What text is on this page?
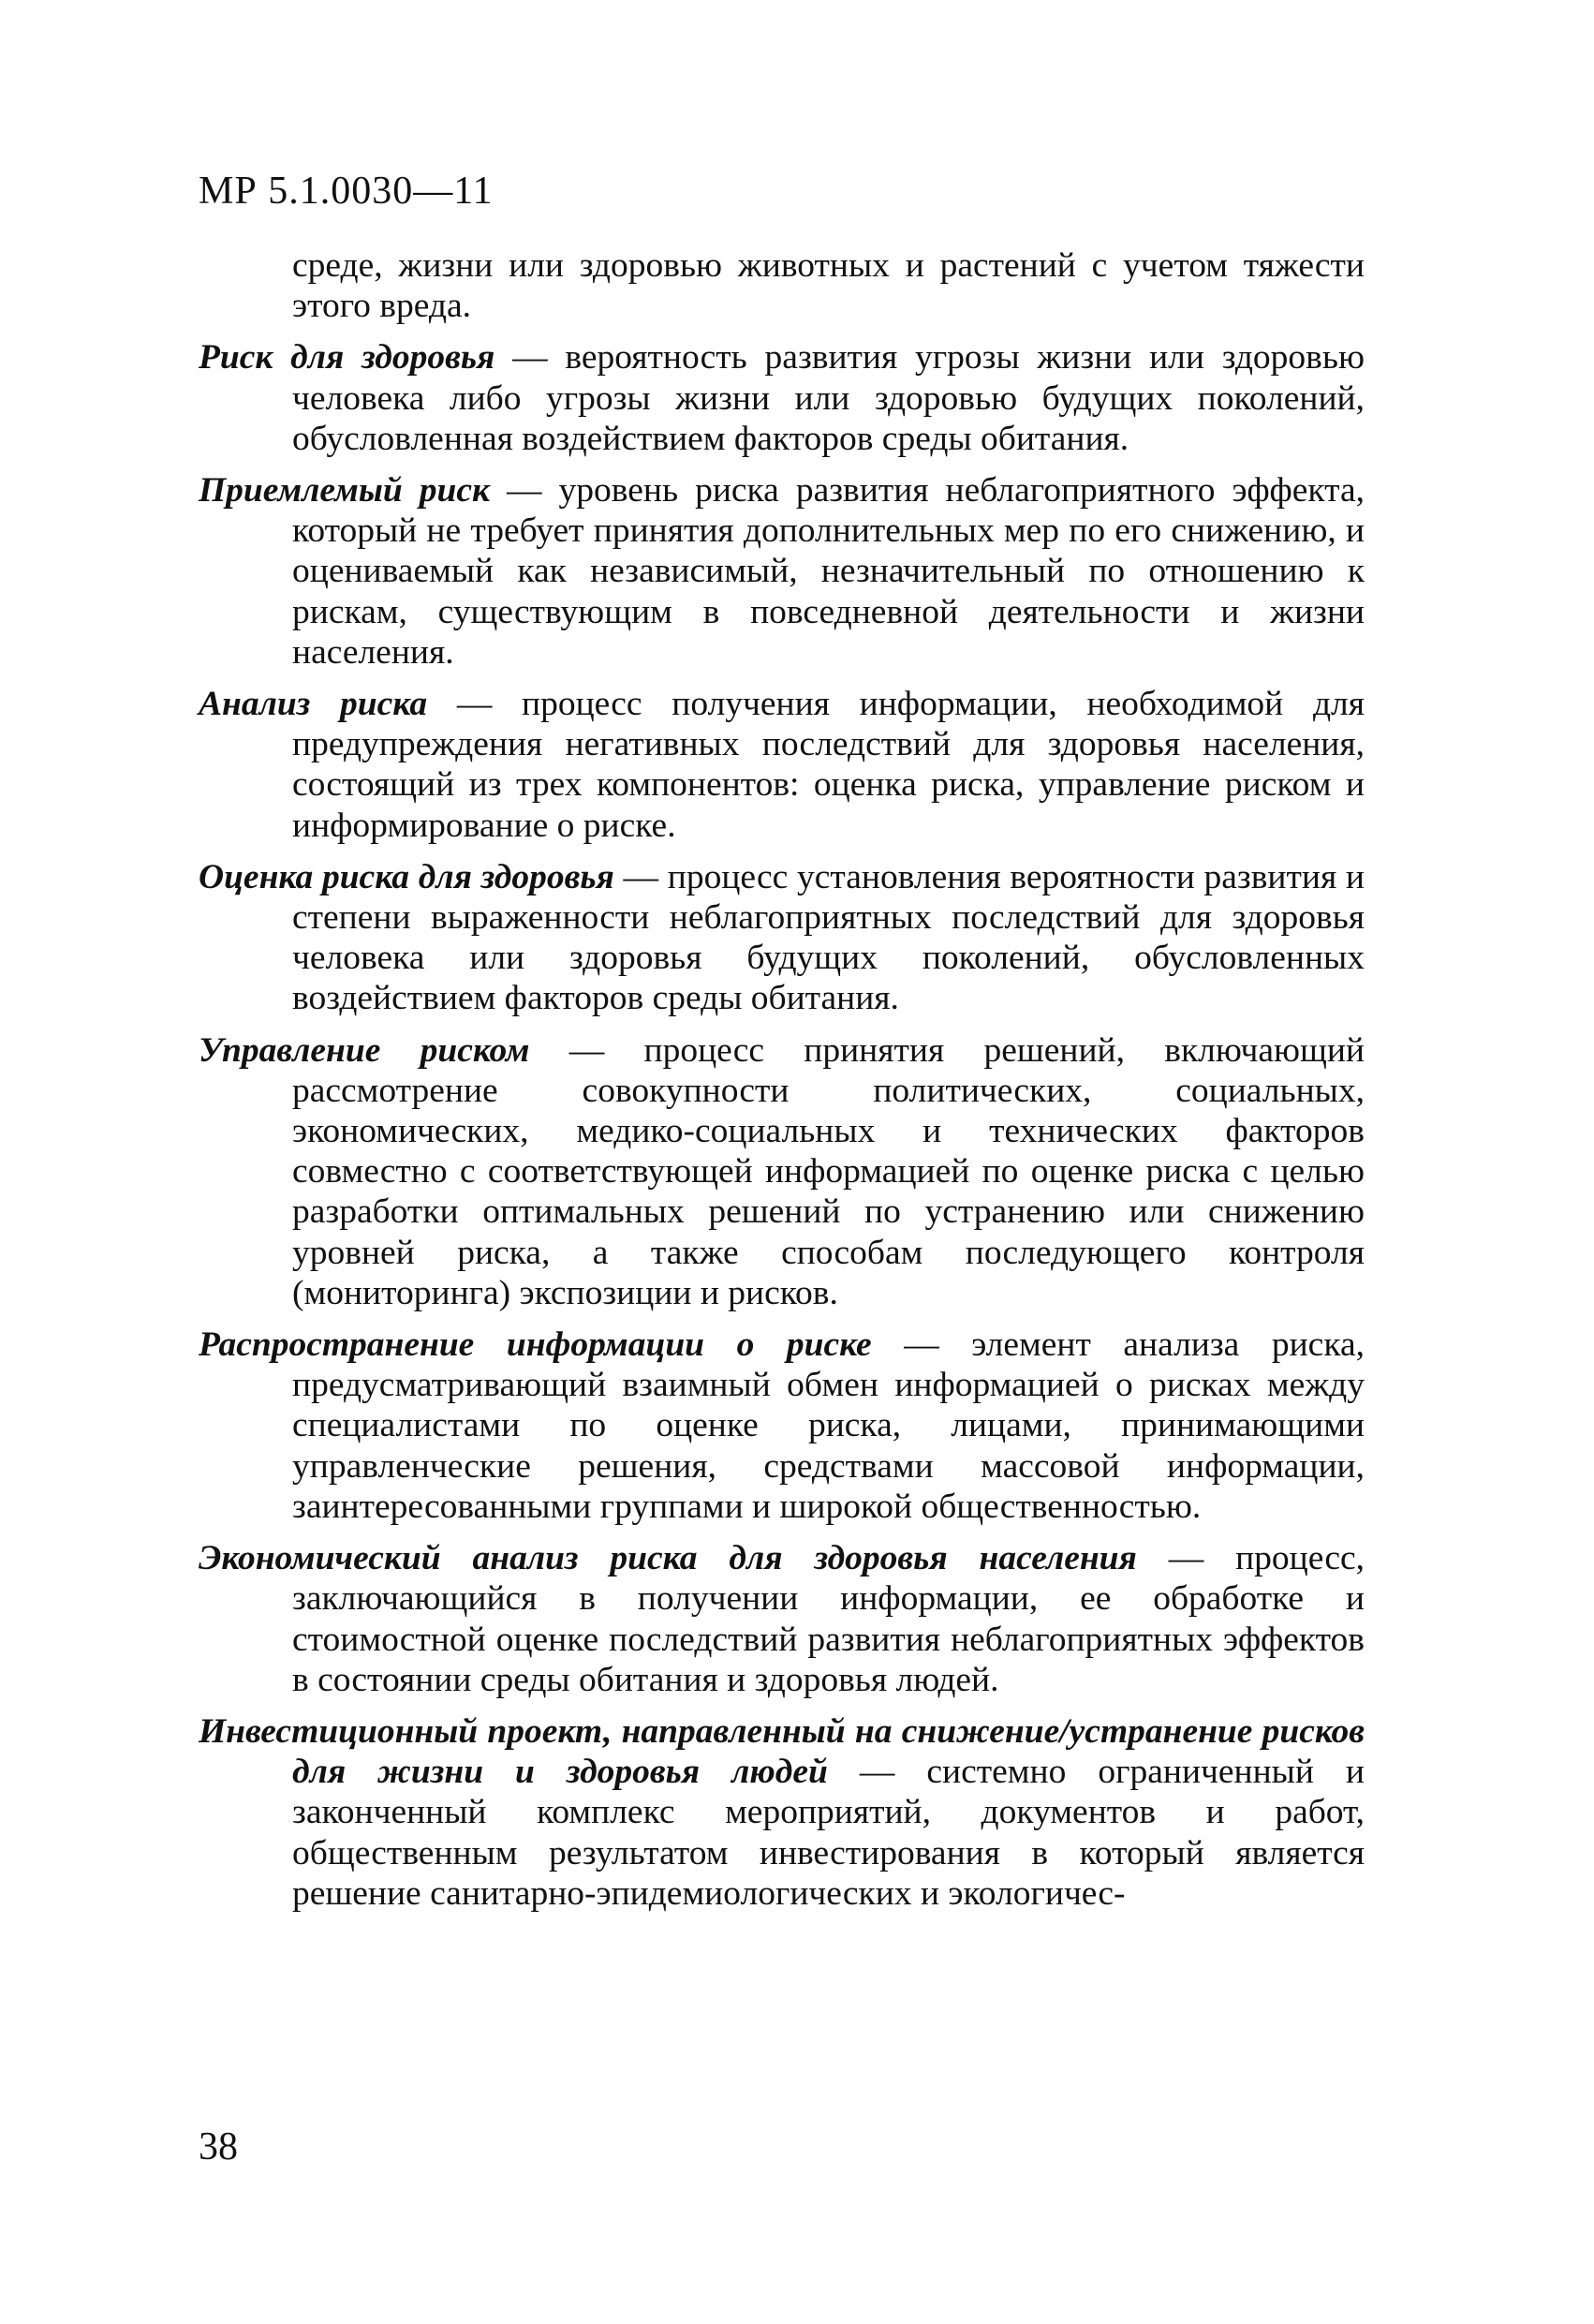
МР 5.1.0030—11

среде, жизни или здоровью животных и растений с учетом тяжести этого вреда.

Риск для здоровья — вероятность развития угрозы жизни или здоровью человека либо угрозы жизни или здоровью будущих поколений, обусловленная воздействием факторов среды обитания.

Приемлемый риск — уровень риска развития неблагоприятного эффекта, который не требует принятия дополнительных мер по его снижению, и оцениваемый как независимый, незначительный по отношению к рискам, существующим в повседневной деятельности и жизни населения.

Анализ риска — процесс получения информации, необходимой для предупреждения негативных последствий для здоровья населения, состоящий из трех компонентов: оценка риска, управление риском и информирование о риске.

Оценка риска для здоровья — процесс установления вероятности развития и степени выраженности неблагоприятных последствий для здоровья человека или здоровья будущих поколений, обусловленных воздействием факторов среды обитания.

Управление риском — процесс принятия решений, включающий рассмотрение совокупности политических, социальных, экономических, медико-социальных и технических факторов совместно с соответствующей информацией по оценке риска с целью разработки оптимальных решений по устранению или снижению уровней риска, а также способам последующего контроля (мониторинга) экспозиции и рисков.

Распространение информации о риске — элемент анализа риска, предусматривающий взаимный обмен информацией о рисках между специалистами по оценке риска, лицами, принимающими управленческие решения, средствами массовой информации, заинтересованными группами и широкой общественностью.

Экономический анализ риска для здоровья населения — процесс, заключающийся в получении информации, ее обработке и стоимостной оценке последствий развития неблагоприятных эффектов в состоянии среды обитания и здоровья людей.

Инвестиционный проект, направленный на снижение/устранение рисков для жизни и здоровья людей — системно ограниченный и законченный комплекс мероприятий, документов и работ, общественным результатом инвестирования в который является решение санитарно-эпидемиологических и экологичес-

38
